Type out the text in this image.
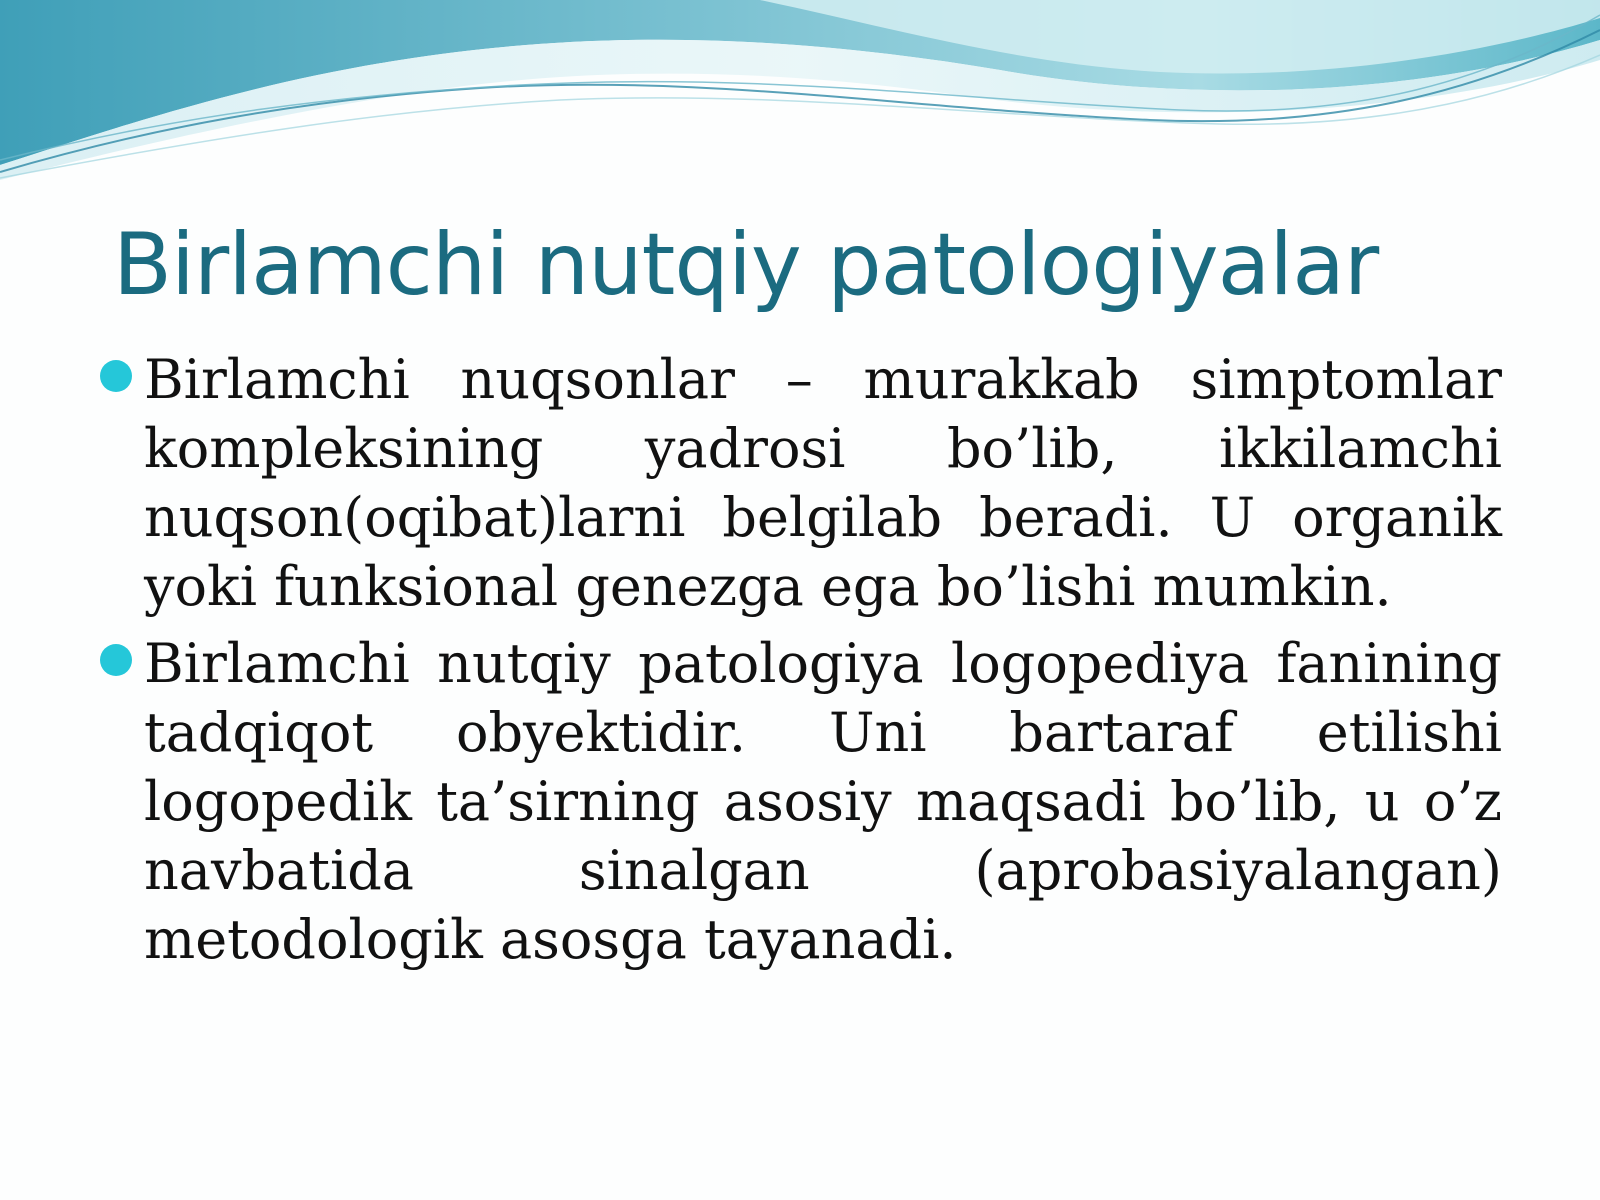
Birlamchi nutqiy patologiyalar
Birlamchi nuqsonlar – murakkab simptomlar kompleksining yadrosi bo’lib, ikkilamchi nuqson(oqibat)larni belgilab beradi. U organik yoki funksional genezga ega bo’lishi mumkin.
Birlamchi nutqiy patologiya logopediya fanining tadqiqot obyektidir. Uni bartaraf etilishi logopedik ta’sirning asosiy maqsadi bo’lib, u o’z navbatida sinalgan (aprobasiyalangan) metodologik asosga tayanadi.
